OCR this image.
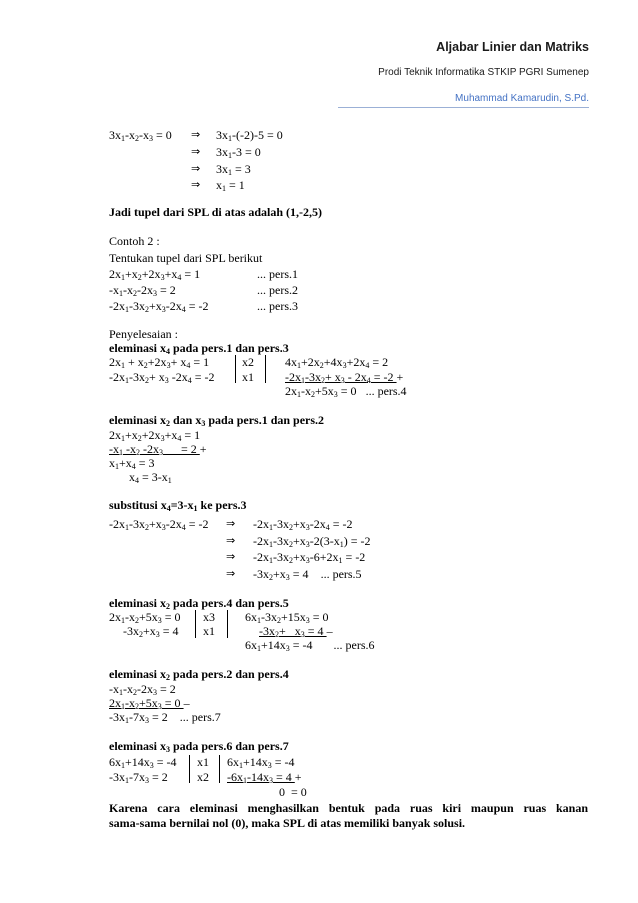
Aljabar Linier dan Matriks
Prodi Teknik Informatika STKIP PGRI Sumenep
Muhammad Kamarudin, S.Pd.
$3x_1-x_2-x_3 = 0$ ⇒ $3x_1-(-2)-5 = 0$
⇒ $3x_1-3 = 0$
⇒ $3x_1 = 3$
⇒ $x_1 = 1$
Jadi tupel dari SPL di atas adalah (1,-2,5)
Contoh 2 :
Tentukan tupel dari SPL berikut
$2x_1+x_2+2x_3+x_4 = 1$	... pers.1
$-x_1-x_2-2x_3 = 2$	... pers.2
$-2x_1-3x_2+x_3-2x_4 = -2$	... pers.3
Penyelesaian :
eleminasi $x_4$ pada pers.1 dan pers.3
$2x_1 + x_2+2x_3+ x_4 = 1$	x2	$4x_1+2x_2+4x_3+2x_4 = 2$
$-2x_1-3x_2+ x_3$ $-2x_4 = -2$ x1	$-2x_1-3x_2+ x_3 - 2x_4 = -2$ +
$2x_1-x_2+5x_3 = 0$   ... pers.4
eleminasi $x_2$ dan $x_3$ pada pers.1 dan pers.2
$2x_1+x_2+2x_3+x_4 = 1$
$-x_1$ $-x_2$ $-2x_3$      = 2 +
$x_1+x_4 = 3$
$x_4 = 3-x_1$
substitusi $x_4=3-x_1$ ke pers.3
$-2x_1-3x_2+x_3-2x_4 = -2$ ⇒ $-2x_1-3x_2+x_3-2x_4 = -2$
⇒ $-2x_1-3x_2+x_3-2(3-x_1) = -2$
⇒ $-2x_1-3x_2+x_3-6+2x_1 = -2$
⇒ $-3x_2+x_3 = 4$    ... pers.5
eleminasi $x_2$ pada pers.4 dan pers.5
$2x_1-x_2+5x_3 = 0$ x3	$6x_1-3x_2+15x_3 = 0$
$-3x_2+x_3 = 4$ x1	$-3x_2+ x_3 = 4$ –
$6x_1+14x_3 = -4$       ... pers.6
eleminasi $x_2$ pada pers.2 dan pers.4
$-x_1-x_2-2x_3 = 2$
$2x_1-x_2+5x_3 = 0$ –
$-3x_1-7x_3 = 2$    ... pers.7
eleminasi $x_3$ pada pers.6 dan pers.7
$6x_1+14x_3 = -4$ x1 $6x_1+14x_3 = -4$
$-3x_1-7x_3 = 2$ x2 $-6x_1-14x_3 = 4$ +
0  = 0
Karena cara eleminasi menghasilkan bentuk pada ruas kiri maupun ruas kanan
sama-sama bernilai nol (0), maka SPL di atas memiliki banyak solusi.
